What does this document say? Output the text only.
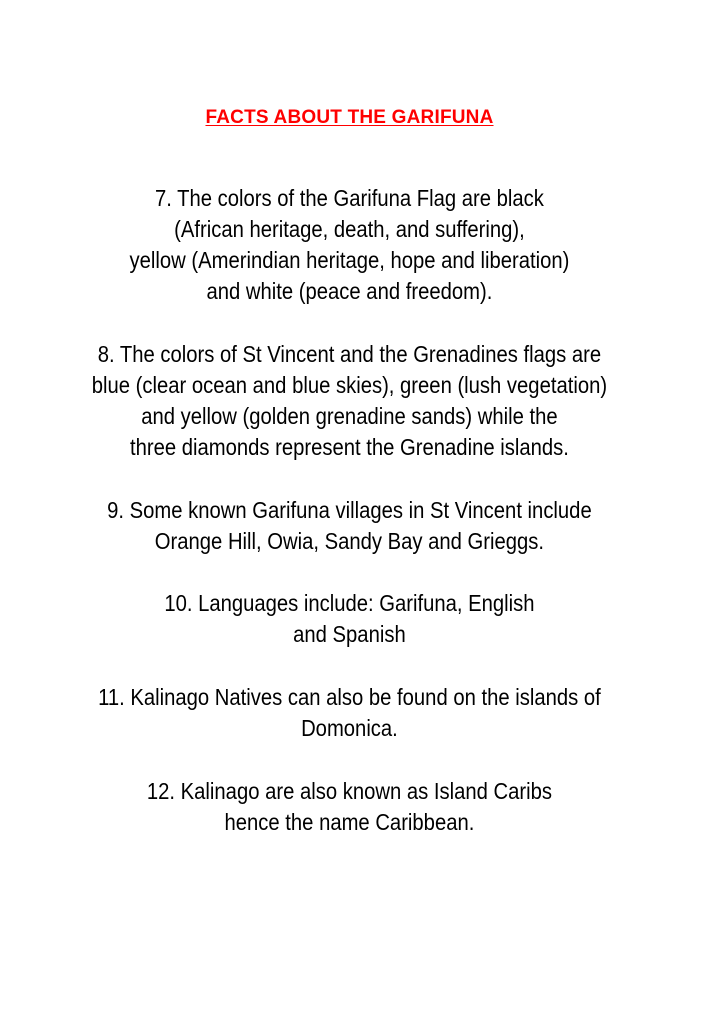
FACTS ABOUT THE GARIFUNA
7. The colors of the Garifuna Flag are black
(African heritage, death, and suffering),
yellow (Amerindian heritage, hope and liberation)
and white (peace and freedom).
8. The colors of St Vincent and the Grenadines flags are
blue (clear ocean and blue skies), green (lush vegetation)
and yellow (golden grenadine sands) while the
three diamonds represent the Grenadine islands.
9. Some known Garifuna villages in St Vincent include
Orange Hill, Owia, Sandy Bay and Grieggs.
10. Languages include: Garifuna, English
and Spanish
11. Kalinago Natives can also be found on the islands of
Domonica.
12. Kalinago are also known as Island Caribs
hence the name Caribbean.
